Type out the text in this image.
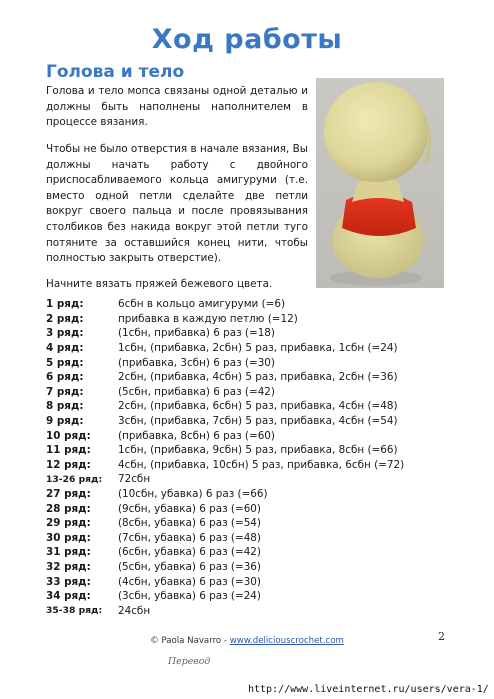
Ход работы
Голова и тело

Голова и тело мопса связаны одной деталью и должны быть наполнены наполнителем в процессе вязания.

Чтобы не было отверстия в начале вязания, Вы должны начать работу с двойного приспосабливаемого кольца амигуруми (т.е. вместо одной петли сделайте две петли вокруг своего пальца и после провязывания столбиков без накида вокруг этой петли туго потяните за оставшийся конец нити, чтобы полностью закрыть отверстие).

Начните вязать пряжей бежевого цвета.

1 ряд:	6сбн в кольцо амигуруми (=6)
2 ряд:	прибавка в каждую петлю (=12)
3 ряд:	(1сбн, прибавка) 6 раз (=18)
4 ряд:	1сбн, (прибавка, 2сбн) 5 раз, прибавка, 1сбн (=24)
5 ряд:	(прибавка, 3сбн) 6 раз (=30)
6 ряд:	2сбн, (прибавка, 4сбн) 5 раз, прибавка, 2сбн (=36)
7 ряд:	(5сбн, прибавка) 6 раз (=42)
8 ряд:	2сбн, (прибавка, 6сбн) 5 раз, прибавка, 4сбн (=48)
9 ряд:	3сбн, (прибавка, 7сбн) 5 раз, прибавка, 4сбн (=54)
10 ряд:	(прибавка, 8сбн) 6 раз (=60)
11 ряд:	1сбн, (прибавка, 9сбн) 5 раз, прибавка, 8сбн (=66)
12 ряд:	4сбн, (прибавка, 10сбн) 5 раз, прибавка, 6сбн (=72)
13-26 ряд:	72сбн
27 ряд:	(10сбн, убавка) 6 раз (=66)
28 ряд:	(9сбн, убавка) 6 раз (=60)
29 ряд:	(8сбн, убавка) 6 раз (=54)
30 ряд:	(7сбн, убавка) 6 раз (=48)
31 ряд:	(6сбн, убавка) 6 раз (=42)
32 ряд:	(5сбн, убавка) 6 раз (=36)
33 ряд:	(4сбн, убавка) 6 раз (=30)
34 ряд:	(3сбн, убавка) 6 раз (=24)
35-38 ряд:	24сбн
© Paola Navarro - www.deliciouscrochet.com	2
Перевод
http://www.liveinternet.ru/users/vera-1/
